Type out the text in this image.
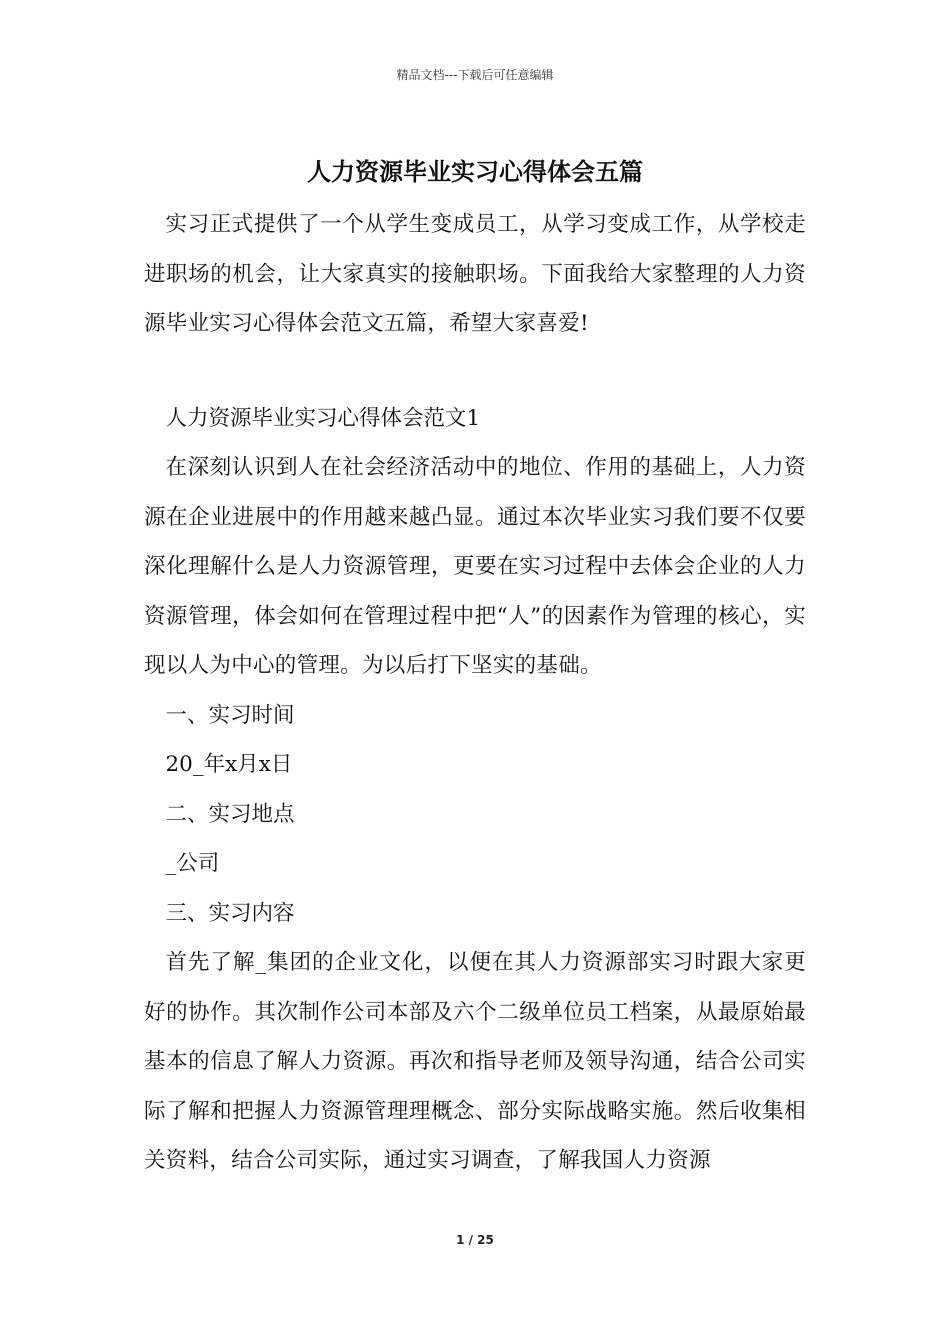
精品文档---下载后可任意编辑
人力资源毕业实习心得体会五篇

实习正式提供了一个从学生变成员工，从学习变成工作，从学校走进职场的机会，让大家真实的接触职场。下面我给大家整理的人力资源毕业实习心得体会范文五篇，希望大家喜爱!

人力资源毕业实习心得体会范文1

在深刻认识到人在社会经济活动中的地位、作用的基础上，人力资源在企业进展中的作用越来越凸显。通过本次毕业实习我们要不仅要深化理解什么是人力资源管理，更要在实习过程中去体会企业的人力资源管理，体会如何在管理过程中把“人”的因素作为管理的核心，实现以人为中心的管理。为以后打下坚实的基础。

一、实习时间

20_年x月x日

二、实习地点

_公司

三、实习内容

首先了解_集团的企业文化，以便在其人力资源部实习时跟大家更好的协作。其次制作公司本部及六个二级单位员工档案，从最原始最基本的信息了解人力资源。再次和指导老师及领导沟通，结合公司实际了解和把握人力资源管理理概念、部分实际战略实施。然后收集相关资料，结合公司实际，通过实习调查，了解我国人力资源

1 / 25
